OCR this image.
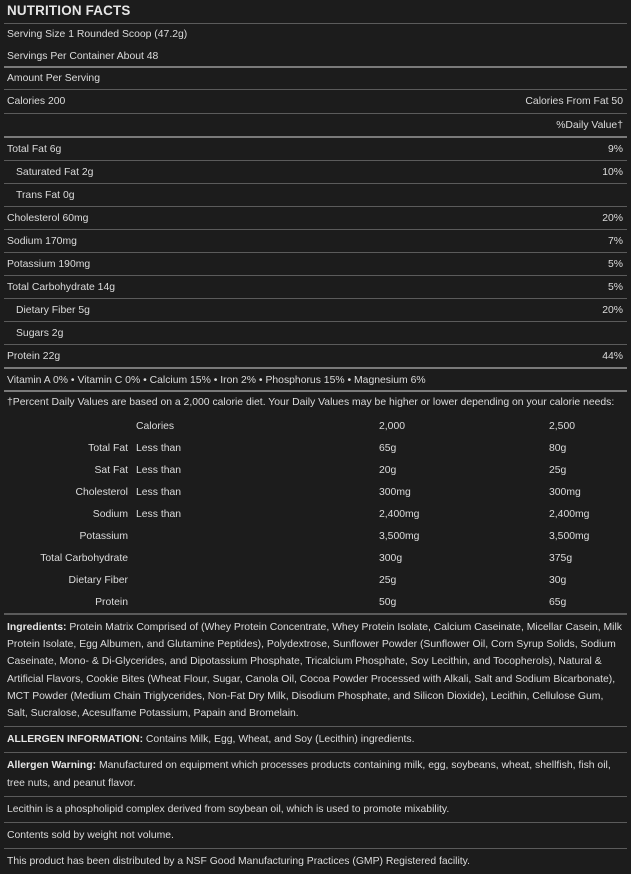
NUTRITION FACTS
Serving Size 1 Rounded Scoop (47.2g)
Servings Per Container About 48
Amount Per Serving
Calories 200	Calories From Fat 50
%Daily Value†
Total Fat 6g	9%
Saturated Fat 2g	10%
Trans Fat 0g
Cholesterol 60mg	20%
Sodium 170mg	7%
Potassium 190mg	5%
Total Carbohydrate 14g	5%
Dietary Fiber 5g	20%
Sugars 2g
Protein 22g	44%
Vitamin A 0% • Vitamin C 0% • Calcium 15% • Iron 2% • Phosphorus 15% • Magnesium 6%
†Percent Daily Values are based on a 2,000 calorie diet. Your Daily Values may be higher or lower depending on your calorie needs:
	Calories	2,000	2,500
Total Fat	Less than	65g	80g
Sat Fat	Less than	20g	25g
Cholesterol	Less than	300mg	300mg
Sodium	Less than	2,400mg	2,400mg
Potassium		3,500mg	3,500mg
Total Carbohydrate		300g	375g
Dietary Fiber		25g	30g
Protein		50g	65g
Ingredients: Protein Matrix Comprised of (Whey Protein Concentrate, Whey Protein Isolate, Calcium Caseinate, Micellar Casein, Milk Protein Isolate, Egg Albumen, and Glutamine Peptides), Polydextrose, Sunflower Powder (Sunflower Oil, Corn Syrup Solids, Sodium Caseinate, Mono- & Di-Glycerides, and Dipotassium Phosphate, Tricalcium Phosphate, Soy Lecithin, and Tocopherols), Natural & Artificial Flavors, Cookie Bites (Wheat Flour, Sugar, Canola Oil, Cocoa Powder Processed with Alkali, Salt and Sodium Bicarbonate), MCT Powder (Medium Chain Triglycerides, Non-Fat Dry Milk, Disodium Phosphate, and Silicon Dioxide), Lecithin, Cellulose Gum, Salt, Sucralose, Acesulfame Potassium, Papain and Bromelain.
ALLERGEN INFORMATION: Contains Milk, Egg, Wheat, and Soy (Lecithin) ingredients.
Allergen Warning: Manufactured on equipment which processes products containing milk, egg, soybeans, wheat, shellfish, fish oil, tree nuts, and peanut flavor.
Lecithin is a phospholipid complex derived from soybean oil, which is used to promote mixability.
Contents sold by weight not volume.
This product has been distributed by a NSF Good Manufacturing Practices (GMP) Registered facility.
